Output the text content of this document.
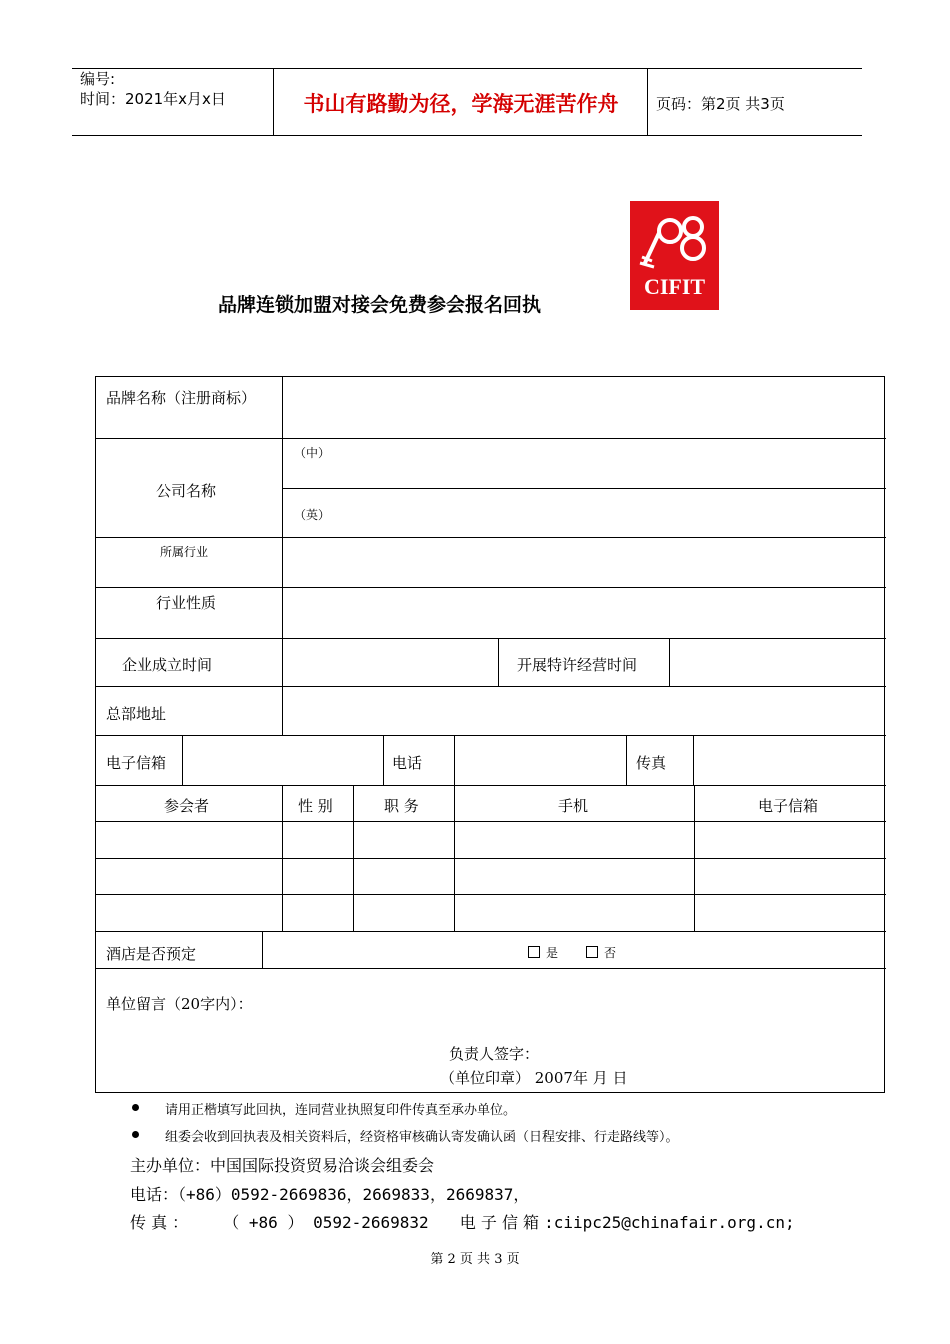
编号:
时间：2021年x月x日	书山有路勤为径，学海无涯苦作舟	页码：第2页 共3页
CIFIT
品牌连锁加盟对接会免费参会报名回执
品牌名称（注册商标）
公司名称
（中）
（英）
所属行业
行业性质
企业成立时间	开展特许经营时间
总部地址
电子信箱	电话	传真
参会者	性 别	职 务	手机	电子信箱
酒店是否预定	是	否
单位留言（20字内）：
负责人签字：
（单位印章） 2007年 月 日
请用正楷填写此回执，连同营业执照复印件传真至承办单位。
组委会收到回执表及相关资料后，经资格审核确认寄发确认函（日程安排、行走路线等）。
主办单位：中国国际投资贸易洽谈会组委会
电话：（+86）0592-2669836，2669833，2669837，
传 真 ： （ +86 ） 0592-2669832 电 子 信 箱 :ciipc25@chinafair.org.cn;
第 2 页 共 3 页
